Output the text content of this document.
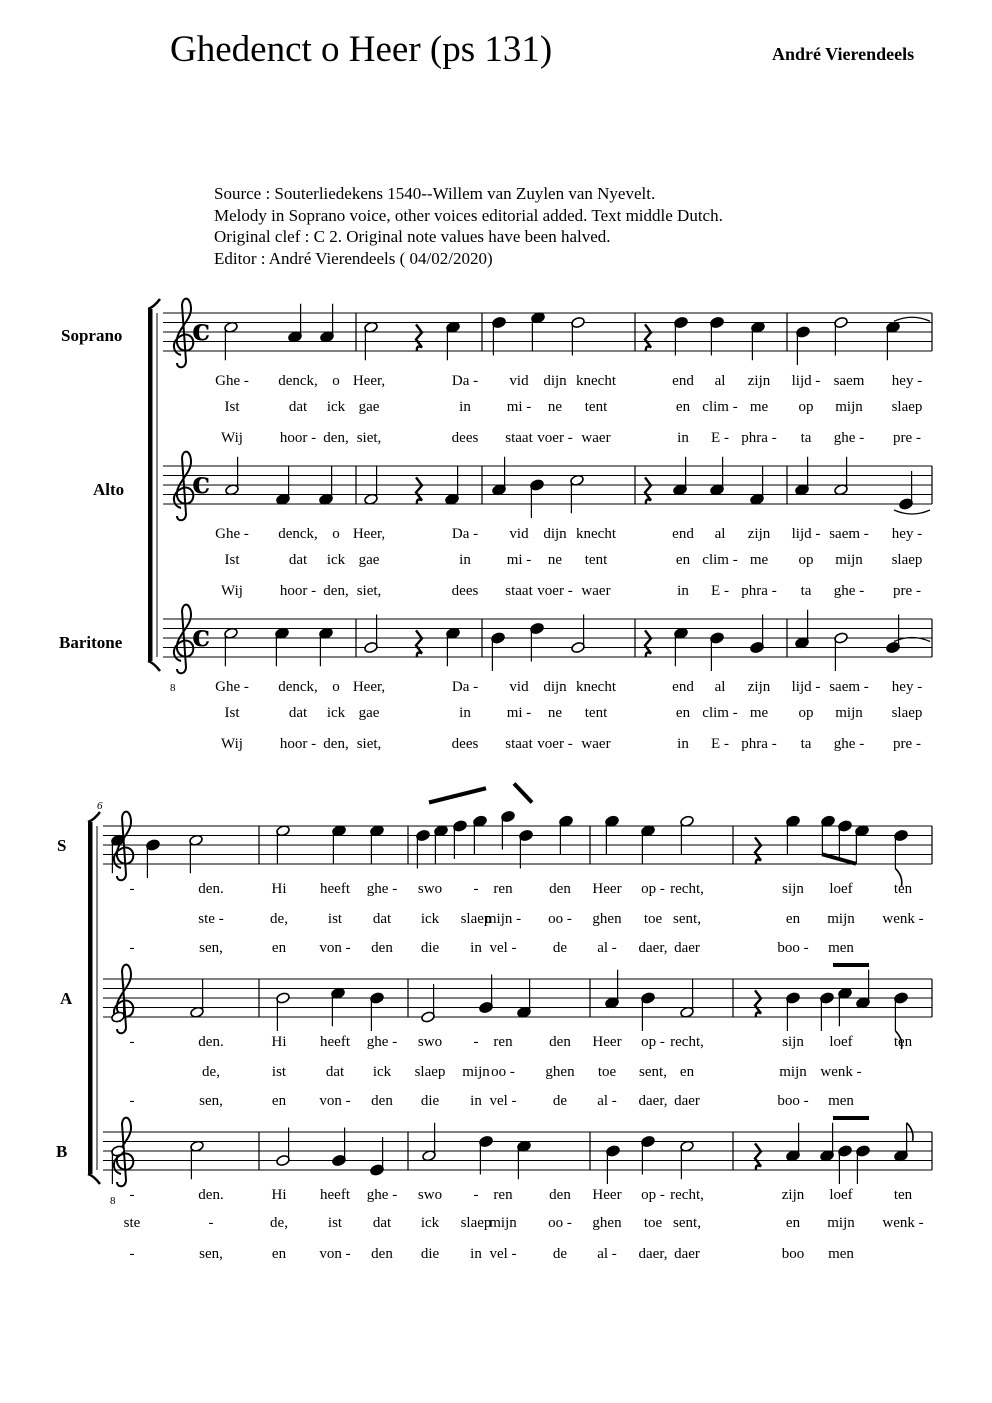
Ghedenct o Heer (ps 131)	André Vierendeels
Source : Souterliedekens 1540--Willem van Zuylen van Nyevelt.
Melody in Soprano voice, other voices editorial added. Text middle Dutch.
Original clef : C 2. Original note values have been halved.
Editor : André Vierendeels ( 04/02/2020)
c
c
c
Soprano
Ghe - denck, o Heer,	Da - vid dijn knecht	end al zijn lijd - saem hey -
Ist	dat ick gae	in mi - ne tent	en clim - me op mijn slaep
Wij hoor - den, siet,	dees staat voer - waer	in E - phra - ta ghe - pre -
Alto
Ghe - denck, o Heer,	Da - vid dijn knecht	end al zijn lijd - saem - hey -
Ist	dat ick gae	in mi - ne tent	en clim - me op mijn slaep
Wij hoor - den, siet,	dees staat voer - waer	in E - phra - ta ghe - pre -
Baritone
Ghe - denck, o Heer,	Da - vid dijn knecht	end al zijn lijd - saem - hey -
Ist	dat ick gae	in mi - ne tent	en clim - me op mijn slaep
Wij hoor - den, siet,	dees staat voer - waer	in E - phra - ta ghe - pre -
8
6
S
-	den.	Hi heeft ghe - swo - ren den Heer op - recht,	sijn loef	ten
ste -	de,	ist dat ick slaep
mijn - oo - ghen toe sent,	en mijn wenk -
-	sen,	en von - den die in vel - de al - daer, daer	boo - men
A
-	den.	Hi heeft ghe - swo - ren den Heer op - recht,	sijn loef	ten
de,	ist	dat ick slaep mijn oo - ghen toe sent, en	mijn wenk -
-	sen,	en von - den die in vel - de al - daer, daer	boo - men
B
-	den.	Hi heeft ghe - swo - ren den Heer op - recht,	zijn loef	ten
ste	-	de,	ist dat ick slaep
mijn oo - ghen toe sent,	en mijn wenk -
-	sen,	en von - den die in vel - de al - daer, daer	boo men
8
